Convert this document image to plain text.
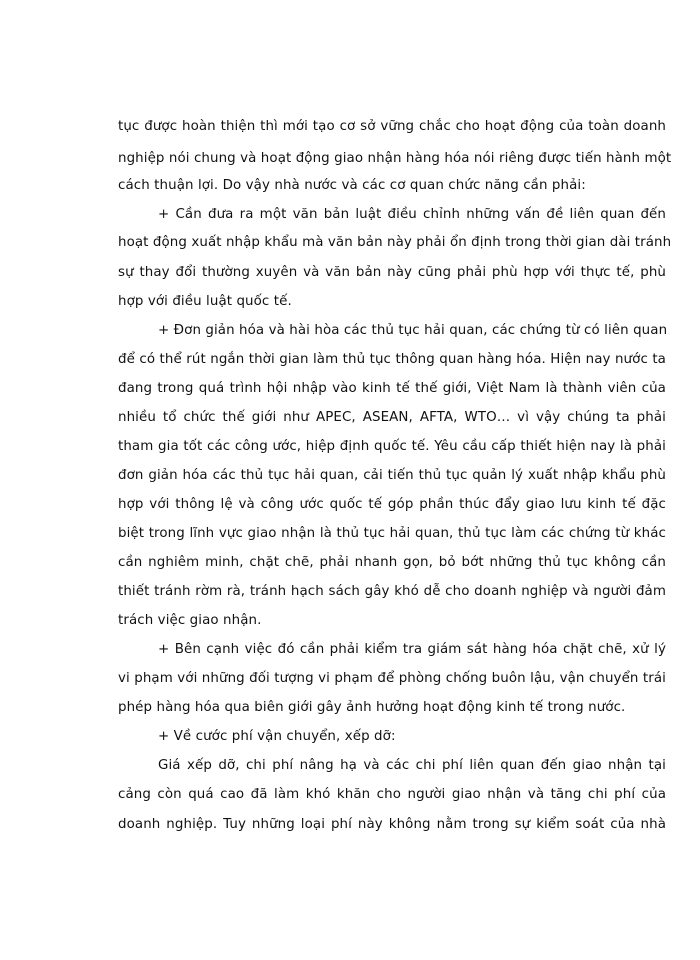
tục được hoàn thiện thì mới tạo cơ sở vững chắc cho hoạt động của toàn doanh
nghiệp nói chung và hoạt động giao nhận hàng hóa nói riêng được tiến hành một
cách thuận lợi. Do vậy nhà nước và các cơ quan chức năng cần phải:
+ Cần đưa ra một văn bản luật điều chỉnh những vấn đề liên quan đến
hoạt động xuất nhập khẩu mà văn bản này phải ổn định trong thời gian dài tránh
sự thay đổi thường xuyên và văn bản này cũng phải phù hợp với thực tế, phù
hợp với điều luật quốc tế.
+ Đơn giản hóa và hài hòa các thủ tục hải quan, các chứng từ có liên quan
để có thể rút ngắn thời gian làm thủ tục thông quan hàng hóa. Hiện nay nước ta
đang trong quá trình hội nhập vào kinh tế thế giới, Việt Nam là thành viên của
nhiều tổ chức thế giới như APEC, ASEAN, AFTA, WTO… vì vậy chúng ta phải
tham gia tốt các công ước, hiệp định quốc tế. Yêu cầu cấp thiết hiện nay là phải
đơn giản hóa các thủ tục hải quan, cải tiến thủ tục quản lý xuất nhập khẩu phù
hợp với thông lệ và công ước quốc tế góp phần thúc đẩy giao lưu kinh tế đặc
biệt trong lĩnh vực giao nhận là thủ tục hải quan, thủ tục làm các chứng từ khác
cần nghiêm minh, chặt chẽ, phải nhanh gọn, bỏ bớt những thủ tục không cần
thiết tránh rờm rà, tránh hạch sách gây khó dễ cho doanh nghiệp và người đảm
trách việc giao nhận.
+ Bên cạnh việc đó cần phải kiểm tra giám sát hàng hóa chặt chẽ, xử lý
vi phạm với những đối tượng vi phạm để phòng chống buôn lậu, vận chuyển trái
phép hàng hóa qua biên giới gây ảnh hưởng hoạt động kinh tế trong nước.
+ Về cước phí vận chuyển, xếp dỡ:
Giá xếp dỡ, chi phí nâng hạ và các chi phí liên quan đến giao nhận tại
cảng còn quá cao đã làm khó khăn cho người giao nhận và tăng chi phí của
doanh nghiệp. Tuy những loại phí này không nằm trong sự kiểm soát của nhà
